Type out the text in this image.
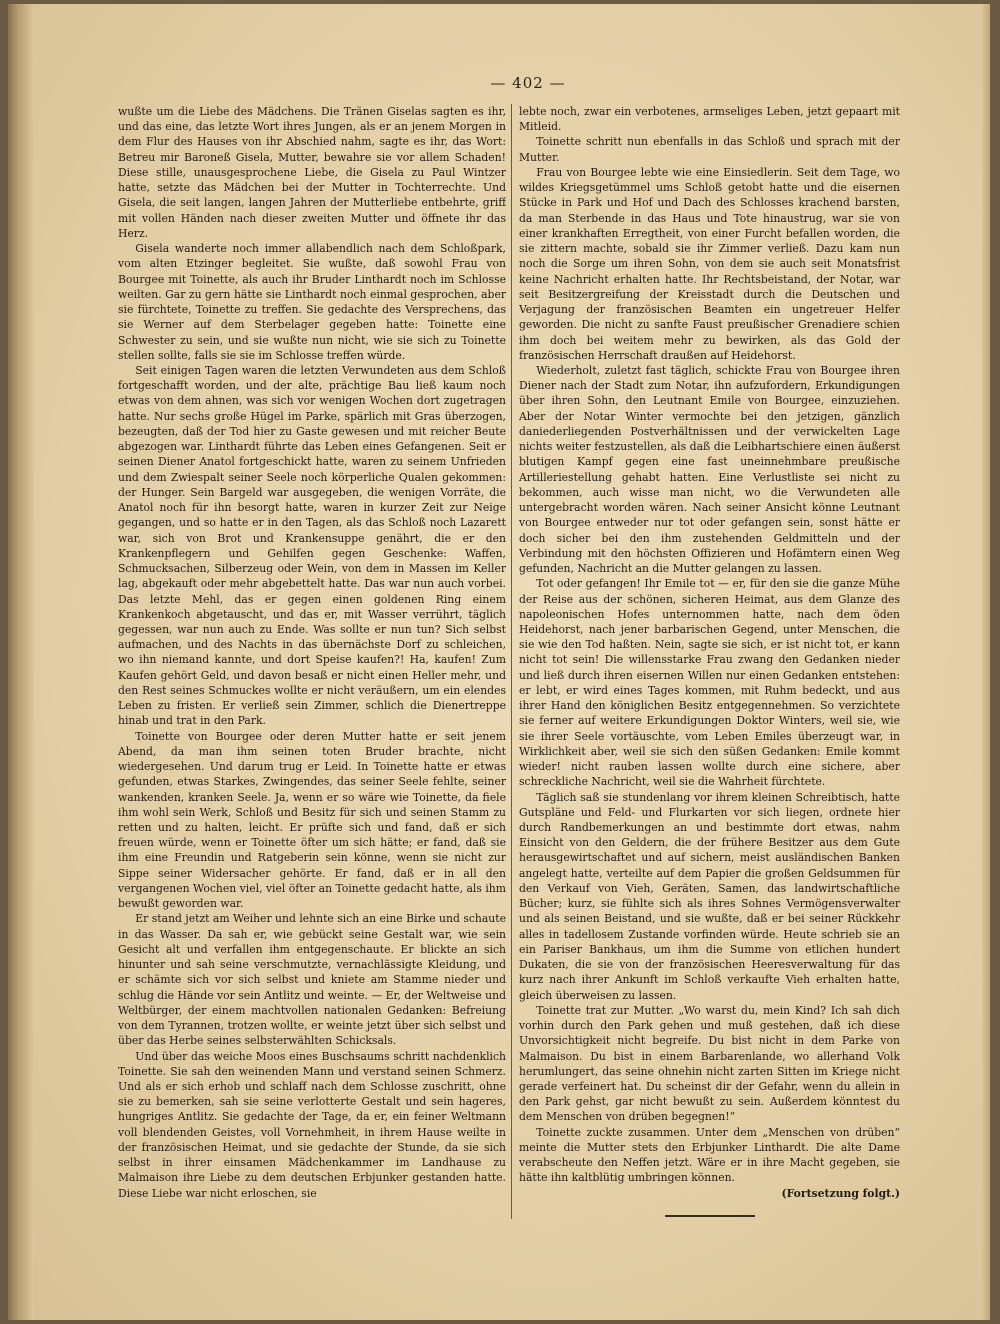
— 402 —

wußte um die Liebe des Mädchens. Die Tränen Giselas sagten es ihr, und das eine, das letzte Wort ihres Jungen, als er an jenem Morgen in dem Flur des Hauses von ihr Abschied nahm, sagte es ihr, das Wort: Betreu mir Baroneß Gisela, Mutter, bewahre sie vor allem Schaden! Diese stille, unausgesprochene Liebe, die Gisela zu Paul Wintzer hatte, setzte das Mädchen bei der Mutter in Tochterrechte. Und Gisela, die seit langen, langen Jahren der Mutterliebe entbehrte, griff mit vollen Händen nach dieser zweiten Mutter und öffnete ihr das Herz.

Gisela wanderte noch immer allabendlich nach dem Schloßpark, vom alten Etzinger begleitet. Sie wußte, daß sowohl Frau von Bourgee mit Toinette, als auch ihr Bruder Linthardt noch im Schlosse weilten. Gar zu gern hätte sie Linthardt noch einmal gesprochen, aber sie fürchtete, Toinette zu treffen. Sie gedachte des Versprechens, das sie Werner auf dem Sterbelager gegeben hatte: Toinette eine Schwester zu sein, und sie wußte nun nicht, wie sie sich zu Toinette stellen sollte, falls sie sie im Schlosse treffen würde.

Seit einigen Tagen waren die letzten Verwundeten aus dem Schloß fortgeschafft worden, und der alte, prächtige Bau ließ kaum noch etwas von dem ahnen, was sich vor wenigen Wochen dort zugetragen hatte. Nur sechs große Hügel im Parke, spärlich mit Gras überzogen, bezeugten, daß der Tod hier zu Gaste gewesen und mit reicher Beute abgezogen war. Linthardt führte das Leben eines Gefangenen. Seit er seinen Diener Anatol fortgeschickt hatte, waren zu seinem Unfrieden und dem Zwiespalt seiner Seele noch körperliche Qualen gekommen: der Hunger. Sein Bargeld war ausgegeben, die wenigen Vorräte, die Anatol noch für ihn besorgt hatte, waren in kurzer Zeit zur Neige gegangen, und so hatte er in den Tagen, als das Schloß noch Lazarett war, sich von Brot und Krankensuppe genährt, die er den Krankenpflegern und Gehilfen gegen Geschenke: Waffen, Schmucksachen, Silberzeug oder Wein, von dem in Massen im Keller lag, abgekauft oder mehr abgebettelt hatte. Das war nun auch vorbei. Das letzte Mehl, das er gegen einen goldenen Ring einem Krankenkoch abgetauscht, und das er, mit Wasser verrührt, täglich gegessen, war nun auch zu Ende. Was sollte er nun tun? Sich selbst aufmachen, und des Nachts in das übernächste Dorf zu schleichen, wo ihn niemand kannte, und dort Speise kaufen?! Ha, kaufen! Zum Kaufen gehört Geld, und davon besaß er nicht einen Heller mehr, und den Rest seines Schmuckes wollte er nicht veräußern, um ein elendes Leben zu fristen. Er verließ sein Zimmer, schlich die Dienertreppe hinab und trat in den Park.

Toinette von Bourgee oder deren Mutter hatte er seit jenem Abend, da man ihm seinen toten Bruder brachte, nicht wiedergesehen. Und darum trug er Leid. In Toinette hatte er etwas gefunden, etwas Starkes, Zwingendes, das seiner Seele fehlte, seiner wankenden, kranken Seele. Ja, wenn er so wäre wie Toinette, da fiele ihm wohl sein Werk, Schloß und Besitz für sich und seinen Stamm zu retten und zu halten, leicht. Er prüfte sich und fand, daß er sich freuen würde, wenn er Toinette öfter um sich hätte; er fand, daß sie ihm eine Freundin und Ratgeberin sein könne, wenn sie nicht zur Sippe seiner Widersacher gehörte. Er fand, daß er in all den vergangenen Wochen viel, viel öfter an Toinette gedacht hatte, als ihm bewußt geworden war.

Er stand jetzt am Weiher und lehnte sich an eine Birke und schaute in das Wasser. Da sah er, wie gebückt seine Gestalt war, wie sein Gesicht alt und verfallen ihm entgegenschaute. Er blickte an sich hinunter und sah seine verschmutzte, vernachlässigte Kleidung, und er schämte sich vor sich selbst und kniete am Stamme nieder und schlug die Hände vor sein Antlitz und weinte. — Er, der Weltweise und Weltbürger, der einem machtvollen nationalen Gedanken: Befreiung von dem Tyrannen, trotzen wollte, er weinte jetzt über sich selbst und über das Herbe seines selbsterwählten Schicksals.

Und über das weiche Moos eines Buschsaums schritt nachdenklich Toinette. Sie sah den weinenden Mann und verstand seinen Schmerz. Und als er sich erhob und schlaff nach dem Schlosse zuschritt, ohne sie zu bemerken, sah sie seine verlotterte Gestalt und sein hageres, hungriges Antlitz. Sie gedachte der Tage, da er, ein feiner Weltmann voll blendenden Geistes, voll Vornehmheit, in ihrem Hause weilte in der französischen Heimat, und sie gedachte der Stunde, da sie sich selbst in ihrer einsamen Mädchenkammer im Landhause zu Malmaison ihre Liebe zu dem deutschen Erbjunker gestanden hatte. Diese Liebe war nicht erloschen, sie

lebte noch, zwar ein verbotenes, armseliges Leben, jetzt gepaart mit Mitleid.

Toinette schritt nun ebenfalls in das Schloß und sprach mit der Mutter.

Frau von Bourgee lebte wie eine Einsiedlerin. Seit dem Tage, wo wildes Kriegsgetümmel ums Schloß getobt hatte und die eisernen Stücke in Park und Hof und Dach des Schlosses krachend barsten, da man Sterbende in das Haus und Tote hinaustrug, war sie von einer krankhaften Erregtheit, von einer Furcht befallen worden, die sie zittern machte, sobald sie ihr Zimmer verließ. Dazu kam nun noch die Sorge um ihren Sohn, von dem sie auch seit Monatsfrist keine Nachricht erhalten hatte. Ihr Rechtsbeistand, der Notar, war seit Besitzergreifung der Kreisstadt durch die Deutschen und Verjagung der französischen Beamten ein ungetreuer Helfer geworden. Die nicht zu sanfte Faust preußischer Grenadiere schien ihm doch bei weitem mehr zu bewirken, als das Gold der französischen Herrschaft draußen auf Heidehorst.

Wiederholt, zuletzt fast täglich, schickte Frau von Bourgee ihren Diener nach der Stadt zum Notar, ihn aufzufordern, Erkundigungen über ihren Sohn, den Leutnant Emile von Bourgee, einzuziehen. Aber der Notar Winter vermochte bei den jetzigen, gänzlich daniederliegenden Postverhältnissen und der verwickelten Lage nichts weiter festzustellen, als daß die Leibhartschiere einen äußerst blutigen Kampf gegen eine fast uneinnehmbare preußische Artilleriestellung gehabt hatten. Eine Verlustliste sei nicht zu bekommen, auch wisse man nicht, wo die Verwundeten alle untergebracht worden wären. Nach seiner Ansicht könne Leutnant von Bourgee entweder nur tot oder gefangen sein, sonst hätte er doch sicher bei den ihm zustehenden Geldmitteln und der Verbindung mit den höchsten Offizieren und Hofämtern einen Weg gefunden, Nachricht an die Mutter gelangen zu lassen.

Tot oder gefangen! Ihr Emile tot — er, für den sie die ganze Mühe der Reise aus der schönen, sicheren Heimat, aus dem Glanze des napoleonischen Hofes unternommen hatte, nach dem öden Heidehorst, nach jener barbarischen Gegend, unter Menschen, die sie wie den Tod haßten. Nein, sagte sie sich, er ist nicht tot, er kann nicht tot sein! Die willensstarke Frau zwang den Gedanken nieder und ließ durch ihren eisernen Willen nur einen Gedanken entstehen: er lebt, er wird eines Tages kommen, mit Ruhm bedeckt, und aus ihrer Hand den königlichen Besitz entgegennehmen. So verzichtete sie ferner auf weitere Erkundigungen Doktor Winters, weil sie, wie sie ihrer Seele vortäuschte, vom Leben Emiles überzeugt war, in Wirklichkeit aber, weil sie sich den süßen Gedanken: Emile kommt wieder! nicht rauben lassen wollte durch eine sichere, aber schreckliche Nachricht, weil sie die Wahrheit fürchtete.

Täglich saß sie stundenlang vor ihrem kleinen Schreibtisch, hatte Gutspläne und Feld- und Flurkarten vor sich liegen, ordnete hier durch Randbemerkungen an und bestimmte dort etwas, nahm Einsicht von den Geldern, die der frühere Besitzer aus dem Gute herausgewirtschaftet und auf sichern, meist ausländischen Banken angelegt hatte, verteilte auf dem Papier die großen Geldsummen für den Verkauf von Vieh, Geräten, Samen, das landwirtschaftliche Bücher; kurz, sie fühlte sich als ihres Sohnes Vermögensverwalter und als seinen Beistand, und sie wußte, daß er bei seiner Rückkehr alles in tadellosem Zustande vorfinden würde. Heute schrieb sie an ein Pariser Bankhaus, um ihm die Summe von etlichen hundert Dukaten, die sie von der französischen Heeresverwaltung für das kurz nach ihrer Ankunft im Schloß verkaufte Vieh erhalten hatte, gleich überweisen zu lassen.

Toinette trat zur Mutter. „Wo warst du, mein Kind? Ich sah dich vorhin durch den Park gehen und muß gestehen, daß ich diese Unvorsichtigkeit nicht begreife. Du bist nicht in dem Parke von Malmaison. Du bist in einem Barbarenlande, wo allerhand Volk herumlungert, das seine ohnehin nicht zarten Sitten im Kriege nicht gerade verfeinert hat. Du scheinst dir der Gefahr, wenn du allein in den Park gehst, gar nicht bewußt zu sein. Außerdem könntest du dem Menschen von drüben begegnen!“

Toinette zuckte zusammen. Unter dem „Menschen von drüben“ meinte die Mutter stets den Erbjunker Linthardt. Die alte Dame verabscheute den Neffen jetzt. Wäre er in ihre Macht gegeben, sie hätte ihn kaltblütig umbringen können.

(Fortsetzung folgt.)
